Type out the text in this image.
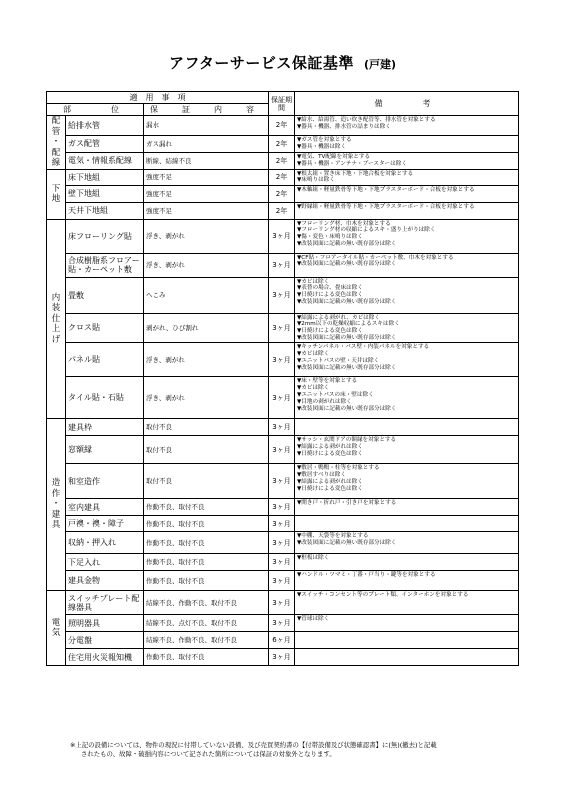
アフターサービス保証基準 (戸建)
適　用　事　項			保証期間	備　　考
部　　位		保　証　内　容		

配
管
・
配
線	給排水管	漏水	2年	▼給水、給湯管、追い炊き配管等、排水管を対象とする
▼器具・機器、排水管の詰まりは除く

	ガス配管	ガス漏れ	2年	▼ガス管を対象とする
▼器具・機器は除く

	電気・情報系配線	断線、結線不良	2年	▼電気、TV配線を対象とする
▼器具・機器・アンテナ・ブースターは除く

下
地	床下地組	強度不足	2年	▼根太組・置き床下地・下地合板を対象とする
▼床鳴りは除く

	壁下地組	強度不足	2年	▼木軸組・軽量鉄骨等下地・下地プラスターボード・合板を対象とする

	天井下地組	強度不足	2年	▼野縁組・軽量鉄骨等下地・下地プラスターボード・合板を対象とする

内
装
仕
上
げ	床フローリング貼	浮き、剥がれ	3ヶ月	▼フローリング材、巾木を対象とする
▼フローリング材の収縮によるスキ・盛り上がりは除く
▼傷・変色・床鳴りは除く
▼改装図面に記載の無い既存部分は除く

	合成樹脂系フロアー貼・カーペット敷	浮き、剥がれ	3ヶ月	▼CF貼・フロアータイル貼・カーペット敷、巾木を対象とする
▼改装図面に記載の無い既存部分は除く

	畳敷	へこみ	3ヶ月	▼カビは除く
▼表替の場合、畳床は除く
▼日焼けによる変色は除く
▼改装図面に記載の無い既存部分は除く

	クロス貼	剥がれ、ひび割れ	3ヶ月	▼結露による剥がれ、カビは除く
▼2mm以下の乾燥収縮によるスキは除く
▼日焼けによる変色は除く
▼改装図面に記載の無い既存部分は除く

	パネル貼	浮き、剥がれ	3ヶ月	▼キッチンパネル・バス壁・内装パネルを対象とする
▼カビは除く
▼ユニットバスの壁・天井は除く
▼改装図面に記載の無い既存部分は除く

	タイル貼・石貼	浮き、剥がれ	3ヶ月	▼床・壁等を対象とする
▼カビは除く
▼ユニットバスの床・壁は除く
▼目地の剥がれは除く
▼改装図面に記載の無い既存部分は除く

造
作
・
建
具	建具枠	取付不良	3ヶ月	
	窓額縁	取付不良	3ヶ月	▼サッシ・玄関ドアの額縁を対象とする
▼結露による剥がれは除く
▼日焼けによる変色は除く

	和室造作	取付不良	3ヶ月	▼敷居・鴨鴨・柱等を対象とする
▼敷居すべりは除く
▼結露による剥がれは除く
▼日焼けによる変色は除く

	室内建具	作動不良、取付不良	3ヶ月	▼開き戸・折れ戸・引き戸を対象とする

	戸襖・襖・障子	作動不良、取付不良	3ヶ月	
	収納・押入れ	作動不良、取付不良	3ヶ月	▼中棚、天袋等を対象とする
▼改装図面に記載の無い既存部分は除く

	下足入れ	作動不良、取付不良	3ヶ月	▼框板は除く

	建具金物	作動不良、取付不良	3ヶ月	▼ハンドル・ツマミ・丁番・戸当り・鍵等を対象とする

電
気	スイッチプレート配線器具	結線不良、作動不良、取付不良	3ヶ月	▼スイッチ・コンセント等のプレート類、インターホンを対象とする

	照明器具	結線不良、点灯不良、取付不良	3ヶ月	▼管球は除く

	分電盤	結線不良、作動不良、取付不良	6ヶ月	
	住宅用火災報知機	作動不良、取付不良	3ヶ月	
※上記の設備については、物件の現況に付帯していない設備、及び売買契約書の【付帯設備及び状態確認書】に(無)(撤去)と記載
されたもの、故障・破損内容について記された箇所については保証の対象外となります。
